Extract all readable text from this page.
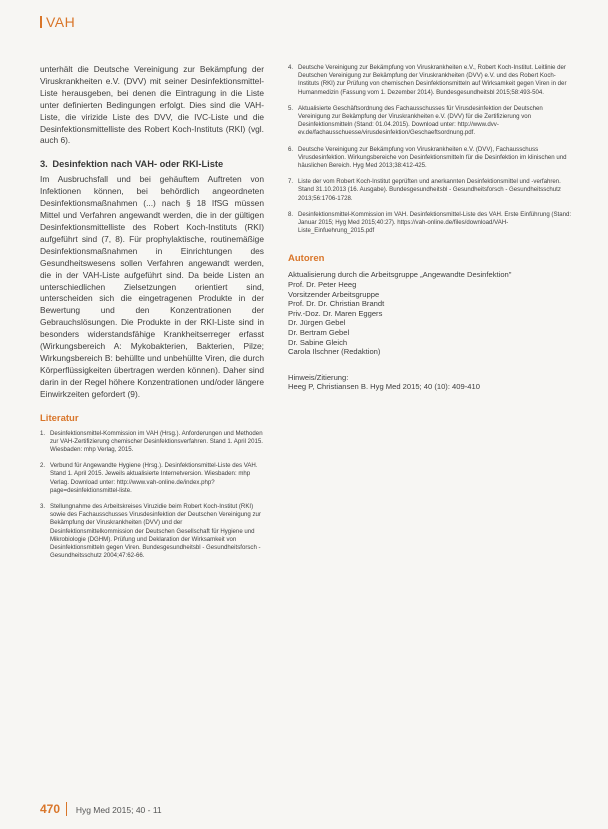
VAH

unterhält die Deutsche Vereinigung zur Bekämpfung der Viruskrankheiten e.V. (DVV) mit seiner Desinfektionsmittel-Liste herausgeben, bei denen die Eintragung in die Liste unter definierten Bedingungen erfolgt. Dies sind die VAH-Liste, die virizide Liste des DVV, die IVC-Liste und die Desinfektionsmittelliste des Robert Koch-Instituts (RKI) (vgl. auch 6).

3. Desinfektion nach VAH- oder RKI-Liste

Im Ausbruchsfall und bei gehäuftem Auftreten von Infektionen können, bei behördlich angeordneten Desinfektionsmaßnahmen (...) nach § 18 IfSG müssen Mittel und Verfahren angewandt werden, die in der gültigen Desinfektionsmittelliste des Robert Koch-Instituts (RKI) aufgeführt sind (7, 8). Für prophylaktische, routinemäßige Desinfektionsmaßnahmen in Einrichtungen des Gesundheitswesens sollen Verfahren angewandt werden, die in der VAH-Liste aufgeführt sind. Da beide Listen an unterschiedlichen Zielsetzungen orientiert sind, unterscheiden sich die eingetragenen Produkte in der Bewertung und den Konzentrationen der Gebrauchslösungen. Die Produkte in der RKI-Liste sind in besonders widerstandsfähige Krankheitserreger erfasst (Wirkungsbereich A: Mykobakterien, Bakterien, Pilze; Wirkungsbereich B: behüllte und unbehüllte Viren, die durch Körperflüssigkeiten übertragen werden können). Daher sind darin in der Regel höhere Konzentrationen und/oder längere Einwirkzeiten gefordert (9).

Literatur
1. Desinfektionsmittel-Kommission im VAH (Hrsg.). Anforderungen und Methoden zur VAH-Zertifizierung chemischer Desinfektionsverfahren. Stand 1. April 2015. Wiesbaden: mhp Verlag, 2015.
2. Verbund für Angewandte Hygiene (Hrsg.). Desinfektionsmittel-Liste des VAH. Stand 1. April 2015. Jeweils aktualisierte Internetversion. Wiesbaden: mhp Verlag. Download unter: http://www.vah-online.de/index.php?page=desinfektionsmittel-liste.
3. Stellungnahme des Arbeitskreises Viruzidie beim Robert Koch-Institut (RKI) sowie des Fachausschusses Virusdesinfektion der Deutschen Vereinigung zur Bekämpfung der Viruskrankheiten (DVV) und der Desinfektionsmittelkommission der Deutschen Gesellschaft für Hygiene und Mikrobiologie (DGHM). Prüfung und Deklaration der Wirksamkeit von Desinfektionsmitteln gegen Viren. Bundesgesundheitsbl - Gesundheitsforsch - Gesundheitsschutz 2004;47:62-66.
4. Deutsche Vereinigung zur Bekämpfung von Viruskrankheiten e.V., Robert Koch-Institut. Leitlinie der Deutschen Vereinigung zur Bekämpfung der Viruskrankheiten (DVV) e.V. und des Robert Koch-Instituts (RKI) zur Prüfung von chemischen Desinfektionsmitteln auf Wirksamkeit gegen Viren in der Humanmedizin (Fassung vom 1. Dezember 2014). Bundesgesundheitsbl 2015;58:493-504.
5. Aktualisierte Geschäftsordnung des Fachausschusses für Virusdesinfektion der Deutschen Vereinigung zur Bekämpfung der Viruskrankheiten e.V. (DVV) für die Zertifizierung von Desinfektionsmitteln (Stand: 01.04.2015). Download unter: http://www.dvv-ev.de/fachausschuesse/virusdesinfektion/Geschaeftsordnung.pdf.
6. Deutsche Vereinigung zur Bekämpfung von Viruskrankheiten e.V. (DVV), Fachausschuss Virusdesinfektion. Wirkungsbereiche von Desinfektionsmitteln für die Desinfektion im klinischen und häuslichen Bereich. Hyg Med 2013;38:412-425.
7. Liste der vom Robert Koch-Institut geprüften und anerkannten Desinfektionsmittel und -verfahren. Stand 31.10.2013 (16. Ausgabe). Bundesgesundheitsbl - Gesundheitsforsch - Gesundheitsschutz 2013;56:1706-1728.
8. Desinfektionsmittel-Kommission im VAH. Desinfektionsmittel-Liste des VAH. Erste Einführung (Stand: Januar 2015; Hyg Med 2015;40:27). https://vah-online.de/files/download/VAH-Liste_Einfuehrung_2015.pdf
Autoren
Aktualisierung durch die Arbeitsgruppe „Angewandte Desinfektion"
Prof. Dr. Peter Heeg
Vorsitzender Arbeitsgruppe
Prof. Dr. Dr. Christian Brandt
Priv.-Doz. Dr. Maren Eggers
Dr. Jürgen Gebel
Dr. Bertram Gebel
Dr. Sabine Gleich
Carola Ilschner (Redaktion)
Hinweis/Zitierung:
Heeg P, Christiansen B. Hyg Med 2015; 40 (10): 409-410
470 Hyg Med 2015; 40 - 11
